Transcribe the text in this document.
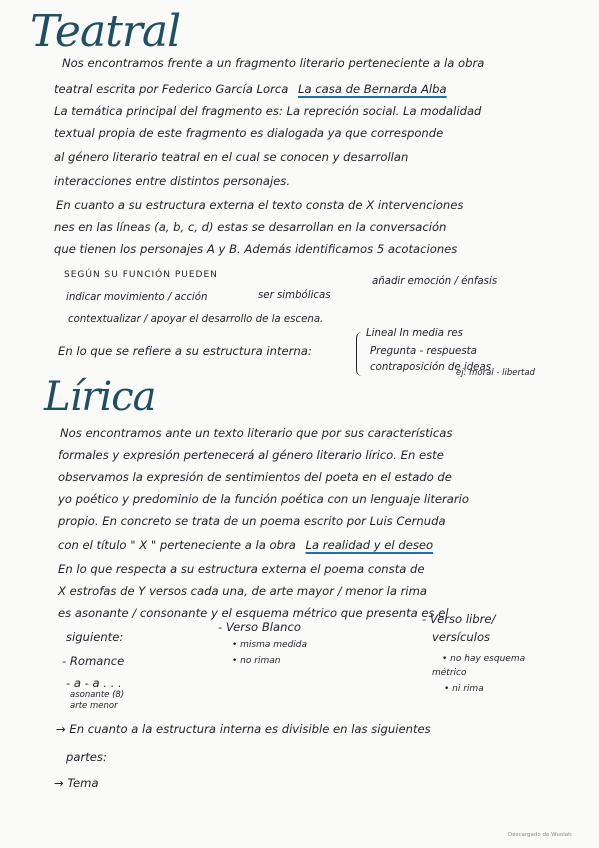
Teatral
Nos encontramos frente a un fragmento literario perteneciente a la obra
teatral escrita por Federico García Lorca La casa de Bernarda Alba
La temática principal del fragmento es: La repreción social. La modalidad
textual propia de este fragmento es dialogada ya que corresponde
al género literario teatral en el cual se conocen y desarrollan
interacciones entre distintos personajes.
En cuanto a su estructura externa el texto consta de X intervenciones
nes en las líneas (a, b, c, d) estas se desarrollan en la conversación
que tienen los personajes A y B. Además identificamos 5 acotaciones
SEGÚN SU FUNCIÓN PUEDEN
indicar movimiento / acción	ser simbólicas
añadir emoción / énfasis
contextualizar / apoyar el desarrollo de la escena.
En lo que se refiere a su estructura interna:
Lineal In media res
Pregunta - respuesta
contraposición de ideas
ej: moral - libertad
Lírica
Nos encontramos ante un texto literario que por sus características
formales y expresión pertenecerá al género literario lírico. En este
observamos la expresión de sentimientos del poeta en el estado de
yo poético y predominio de la función poética con un lenguaje literario
propio. En concreto se trata de un poema escrito por Luis Cernuda
con el título " X " perteneciente a la obra La realidad y el deseo
En lo que respecta a su estructura externa el poema consta de
X estrofas de Y versos cada una, de arte mayor / menor la rima
es asonante / consonante y el esquema métrico que presenta es el
siguiente:
- Romance
- a - a . . .
asonante (8)
arte menor
- Verso Blanco
• misma medida
• no riman
- Verso libre/
versículos
• no hay esquema
métrico
• ni rima
→ En cuanto a la estructura interna es divisible en las siguientes
partes:
→ Tema
Descargado de Wuolah
